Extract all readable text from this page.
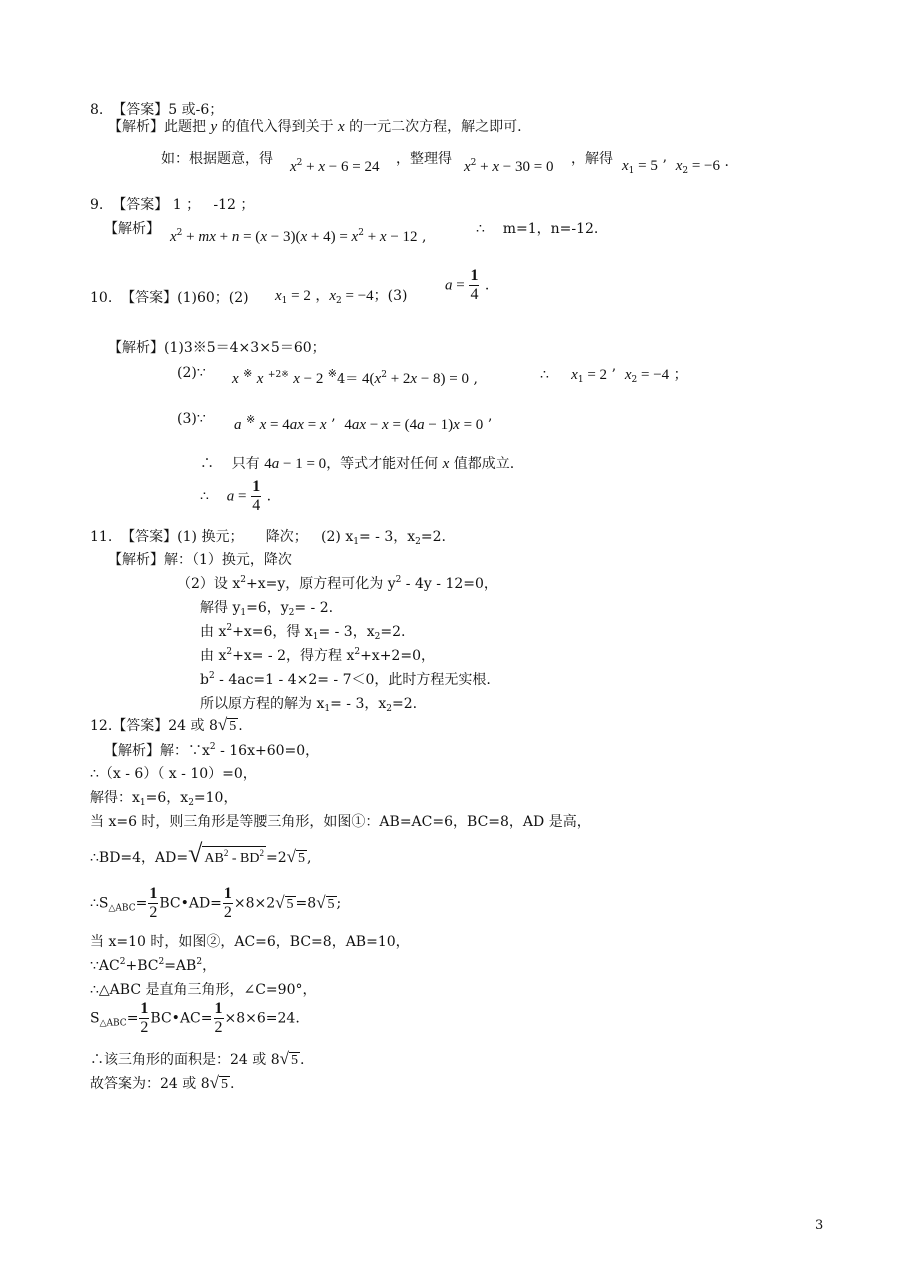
8.  【答案】5 或-6；
【解析】此题把 y 的值代入得到关于 x 的一元二次方程，解之即可.
如：根据题意，得 $x^2 + x - 6 = 24$ ，整理得 $x^2 + x - 30 = 0$ ，解得 $x_1 = 5$ ’  $x_2 = -6$ ·
9.  【答案】 1 ；   -12 ；
【解析】 $x^2$ + mx + $n = (x - 3)(x + 4) = x^2 + x - 12$ ,	∴    m=1，n=-12.
10.  【答案】(1)60；(2) $x_1 = 2$ ，$x_2 = -4$；(3)
$a = \frac{1}{4}$ .
【解析】(1)3※5＝4×3×5＝60；
(2)∵ x ※ x $^{+2※}$ x − 2 $^※4= 4(x^2 + 2x - 8) = 0$ ,	∴     $x_1 = 2$ ’  $x_2 = -4$ ；
(3)∵ a ※ x = 4ax = x ’  4ax − x = (4a − 1)x = 0 ’
∴    只有 4a − 1 = 0，等式才能对任何 x 值都成立.
∴    $a = \frac{1}{4}$ .
11.  【答案】(1) 换元；     降次；   (2) $x_1= - 3$，$x_2=2$.
【解析】解：（1）换元，降次
（2）设 $x^2+x=y$，原方程可化为 $y^2 - 4y - 12=0$，
解得 $y_1=6$，$y_2= - 2$.
由 $x^2+x=6$，得 $x_1= - 3$，$x_2=2$.
由 $x^2+x= - 2$，得方程 $x^2+x+2=0$，
$b^2 - 4ac=1 - 4\times 2= - 7<0$，此时方程无实根.
所以原方程的解为 $x_1= - 3$，$x_2=2$.
12.【答案】24 或 8√ 5 .
【解析】解：$\because x^2 - 16x+60=0$，
∴（x - 6）（ x - 10）=0，
解得：$x_1=6$，$x_2=10$，
当 x=6 时，则三角形是等腰三角形，如图①：AB=AC=6，BC=8，AD 是高，
∴BD=4，AD=√ $AB^2 - BD^2 =2√$ 5 ,
$\therefore S_{\triangle ABC}= \frac{1}{2}$ BC•AD= $\frac{1}{2} \times 8\times 2√$ 5 =8√ 5 ;
当 x=10 时，如图②，AC=6，BC=8，AB=10，
$\because AC^2+BC^2=AB^2$，
∴△ABC 是直角三角形，∠C=90°，
$S_{\triangle ABC}= \frac{1}{2}$ BC•AC= $\frac{1}{2} \times 8\times 6=24$.
∴该三角形的面积是：24 或 8√ 5 .
故答案为：24 或 8√ 5 .
3
